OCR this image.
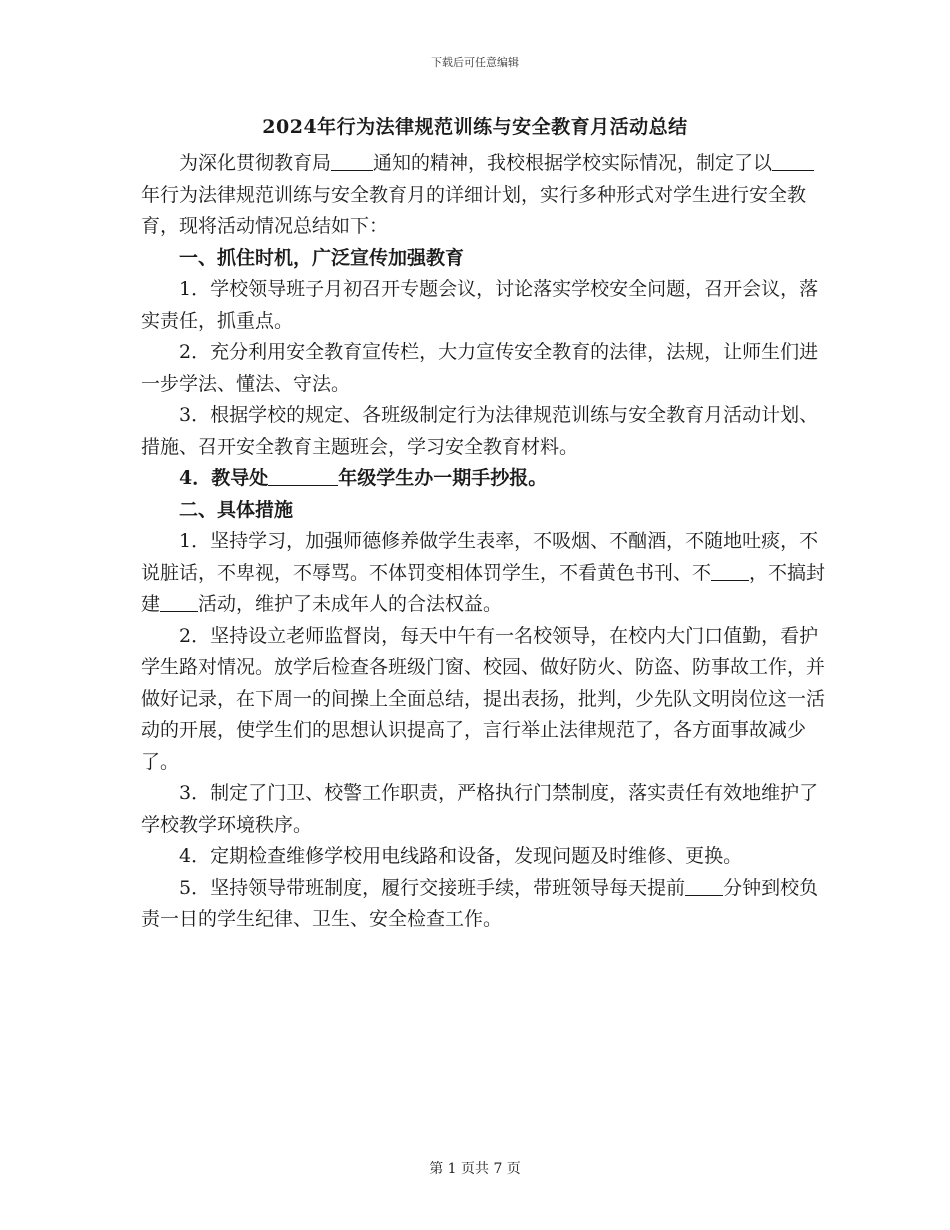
下载后可任意编辑
2024年行为法律规范训练与安全教育月活动总结

为深化贯彻教育局 通知的精神，我校根据学校实际情况，制定了以年行为法律规范训练与安全教育月的详细计划，实行多种形式对学生进行安全教育，现将活动情况总结如下：

一、抓住时机，广泛宣传加强教育

1．学校领导班子月初召开专题会议，讨论落实学校安全问题，召开会议，落实责任，抓重点。

2．充分利用安全教育宣传栏，大力宣传安全教育的法律，法规，让师生们进一步学法、懂法、守法。

3．根据学校的规定、各班级制定行为法律规范训练与安全教育月活动计划、措施、召开安全教育主题班会，学习安全教育材料。

4．教导处	年级学生办一期手抄报。

二、具体措施

1．坚持学习，加强师德修养做学生表率，不吸烟、不酗酒，不随地吐痰，不说脏话，不卑视，不辱骂。不体罚变相体罚学生，不看黄色书刊、不 ，不搞封建 活动，维护了未成年人的合法权益。

2．坚持设立老师监督岗，每天中午有一名校领导，在校内大门口值勤，看护学生路对情况。放学后检查各班级门窗、校园、做好防火、防盗、防事故工作，并做好记录，在下周一的间操上全面总结，提出表扬，批判，少先队文明岗位这一活动的开展，使学生们的思想认识提高了，言行举止法律规范了，各方面事故减少了。

3．制定了门卫、校警工作职责，严格执行门禁制度，落实责任有效地维护了学校教学环境秩序。

4．定期检查维修学校用电线路和设备，发现问题及时维修、更换。

5．坚持领导带班制度，履行交接班手续，带班领导每天提前 分钟到校负责一日的学生纪律、卫生、安全检查工作。

第 1 页共 7 页
